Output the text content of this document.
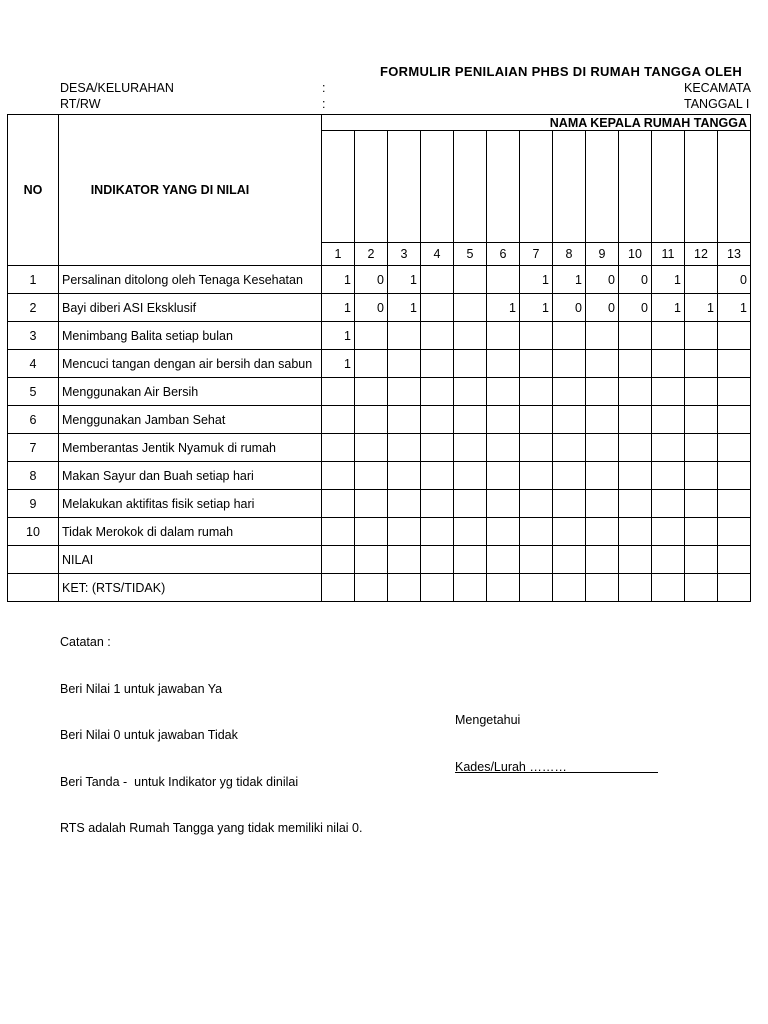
FORMULIR PENILAIAN PHBS DI RUMAH TANGGA OLEH
DESA/KELURAHAN	:	KECAMATA
RT/RW	:	TANGGAL I
NO	INDIKATOR YANG DI NILAI	NAMA KEPALA RUMAH TANGGA												

		1	2	3	4	5	6	7	8	9	10	11	12	13
1	Persalinan ditolong oleh Tenaga Kesehatan	1	0	1				1	1	0	0	1		0
2	Bayi diberi ASI Eksklusif	1	0	1			1	1	0	0	0	1	1	1
3	Menimbang Balita setiap bulan	1												
4	Mencuci tangan dengan air bersih dan sabun	1												
5	Menggunakan Air Bersih													
6	Menggunakan Jamban Sehat													
7	Memberantas Jentik Nyamuk di rumah													
8	Makan Sayur dan Buah setiap hari													
9	Melakukan aktifitas fisik setiap hari													
10	Tidak Merokok di dalam rumah													
	NILAI													
	KET: (RTS/TIDAK)													

Catatan :

Beri Nilai 1 untuk jawaban Ya

Beri Nilai 0 untuk jawaban Tidak

Beri Tanda -  untuk Indikator yg tidak dinilai

RTS adalah Rumah Tangga yang tidak memiliki nilai 0.

Mengetahui

Kades/Lurah ………
